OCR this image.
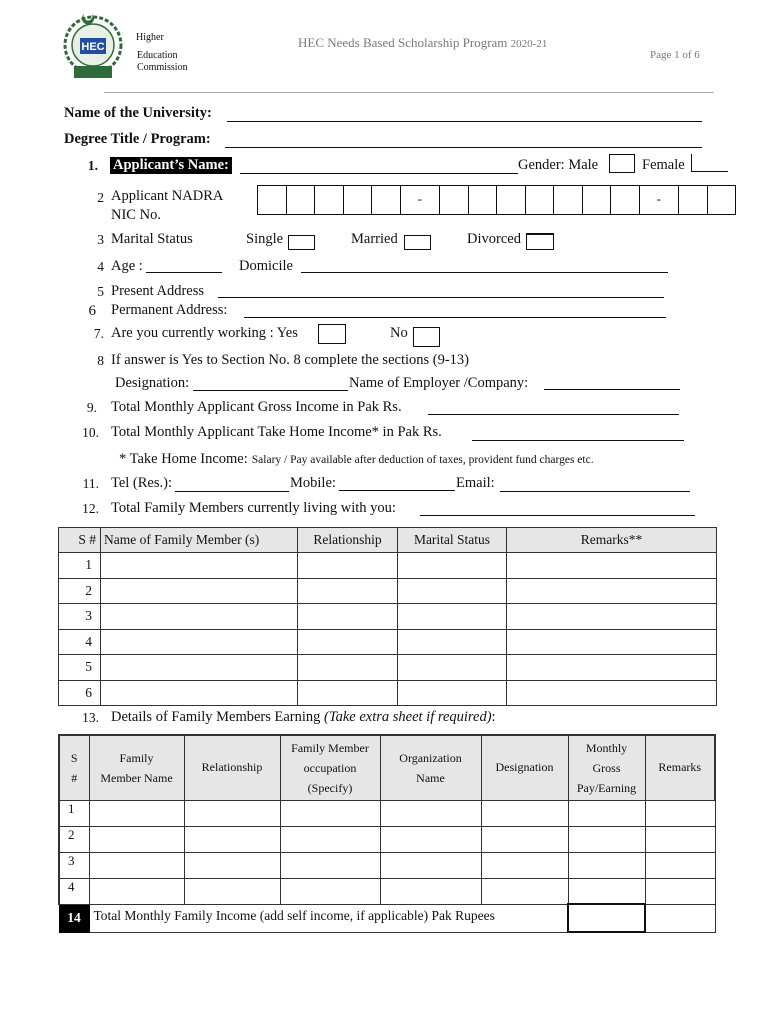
HEC
Higher
Education
Commission
HEC Needs Based Scholarship Program 2020-21
Page 1 of 6
Name of the University:
Degree Title / Program:
1. Applicant’s Name:	Gender: Male	Female
2 Applicant NADRA
NIC No.
-	-
3 Marital Status	Single	Married	Divorced
4 Age :	Domicile
5 Present Address
6 Permanent Address:
7. Are you currently working : Yes	No
8 If answer is Yes to Section No. 8 complete the sections (9-13)
Designation:	Name of Employer /Company:
9. Total Monthly Applicant Gross Income in Pak Rs.
10. Total Monthly Applicant Take Home Income* in Pak Rs.
* Take Home Income: Salary / Pay available after deduction of taxes, provident fund charges etc.
11. Tel (Res.):	Mobile:	Email:
12. Total Family Members currently living with you:
S #	Name of Family Member (s)	Relationship	Marital Status	Remarks**
1				
2				
3				
4				
5				
6				
13. Details of Family Members Earning (Take extra sheet if required):
S
#	Family
Member Name	Relationship	Family Member
occupation
(Specify)	Organization
Name	Designation	Monthly
Gross
Pay/Earning	Remarks
1							
2							
3							
4							
14	Total Monthly Family Income (add self income, if applicable) Pak Rupees						
